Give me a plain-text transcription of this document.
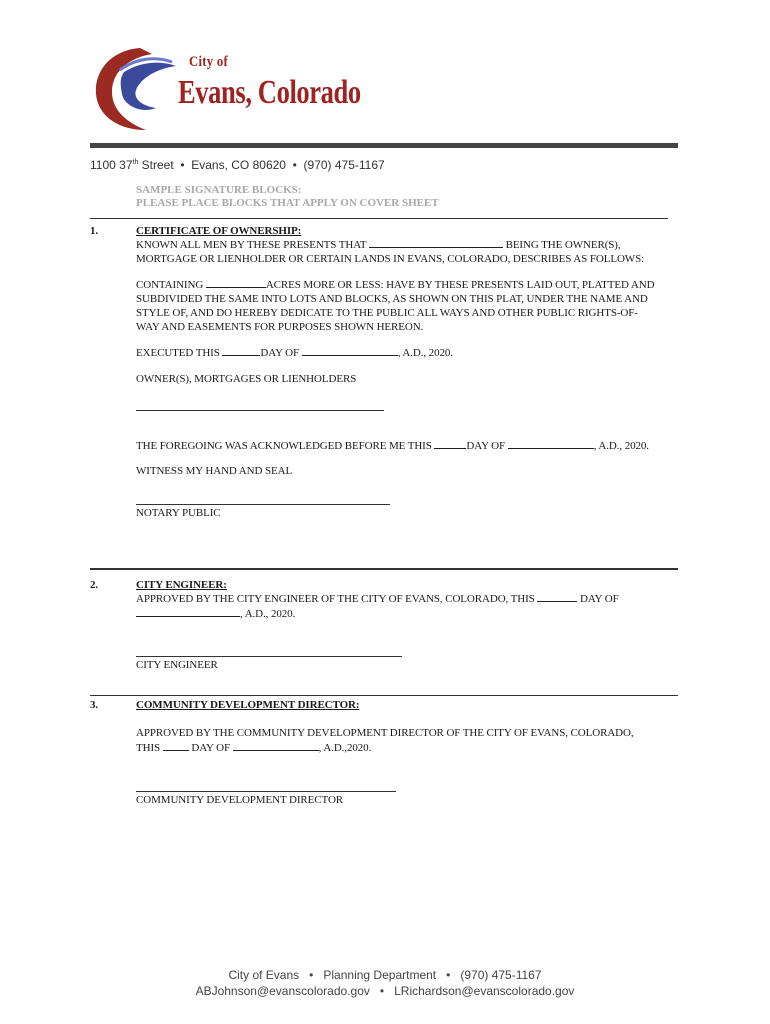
City of
Evans, Colorado
1100 37th Street • Evans, CO 80620 • (970) 475-1167
SAMPLE SIGNATURE BLOCKS:
PLEASE PLACE BLOCKS THAT APPLY ON COVER SHEET
1.	CERTIFICATE OF OWNERSHIP:
KNOWN ALL MEN BY THESE PRESENTS THAT	BEING THE OWNER(S),
MORTGAGE OR LIENHOLDER OR CERTAIN LANDS IN EVANS, COLORADO, DESCRIBES AS FOLLOWS:
CONTAINING	ACRES MORE OR LESS: HAVE BY THESE PRESENTS LAID OUT, PLATTED AND
SUBDIVIDED THE SAME INTO LOTS AND BLOCKS, AS SHOWN ON THIS PLAT, UNDER THE NAME AND
STYLE OF, AND DO HEREBY DEDICATE TO THE PUBLIC ALL WAYS AND OTHER PUBLIC RIGHTS-OF-
WAY AND EASEMENTS FOR PURPOSES SHOWN HEREON.
EXECUTED THIS	DAY OF	, A.D., 2020.
OWNER(S), MORTGAGES OR LIENHOLDERS
THE FOREGOING WAS ACKNOWLEDGED BEFORE ME THIS	DAY OF	, A.D., 2020.
WITNESS MY HAND AND SEAL
NOTARY PUBLIC
2.	CITY ENGINEER:
APPROVED BY THE CITY ENGINEER OF THE CITY OF EVANS, COLORADO, THIS	DAY OF
, A.D., 2020.
CITY ENGINEER
3.	COMMUNITY DEVELOPMENT DIRECTOR:
APPROVED BY THE COMMUNITY DEVELOPMENT DIRECTOR OF THE CITY OF EVANS, COLORADO,
THIS	DAY OF	, A.D.,2020.
COMMUNITY DEVELOPMENT DIRECTOR
City of Evans • Planning Department • (970) 475-1167
ABJohnson@evanscolorado.gov • LRichardson@evanscolorado.gov
